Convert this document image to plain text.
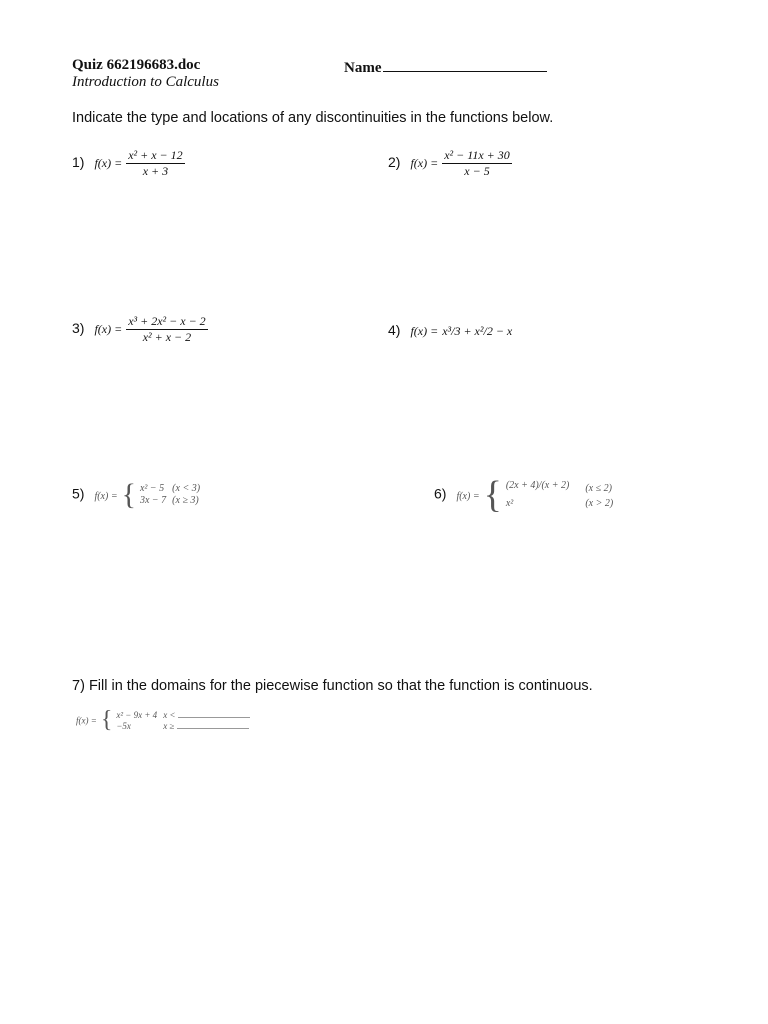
Quiz 662196683.doc	Name
Introduction to Calculus
Indicate the type and locations of any discontinuities in the functions below.
1) $f(x) = \frac{\text{x² + x − 12}}{x + 3}$	2) $f(x) = \frac{\text{x² − 11x + 30}}{x - 5}$
3) $f(x) = \frac{\text{x³ + 2x² − x − 2}}{\text{x² + x − 2}}$	4) f(x) = x³/3 + x²/2 − x
5) f(x) = { x² − 5	(x < 3)
3x − 7	(x ≥ 3)	6) f(x) = { (2x + 4)/(x + 2)	(x ≤ 2)
x²	(x > 2)
7) Fill in the domains for the piecewise function so that the function is continuous.
f(x) = { x² − 9x + 4	x <
−5x	x ≥
